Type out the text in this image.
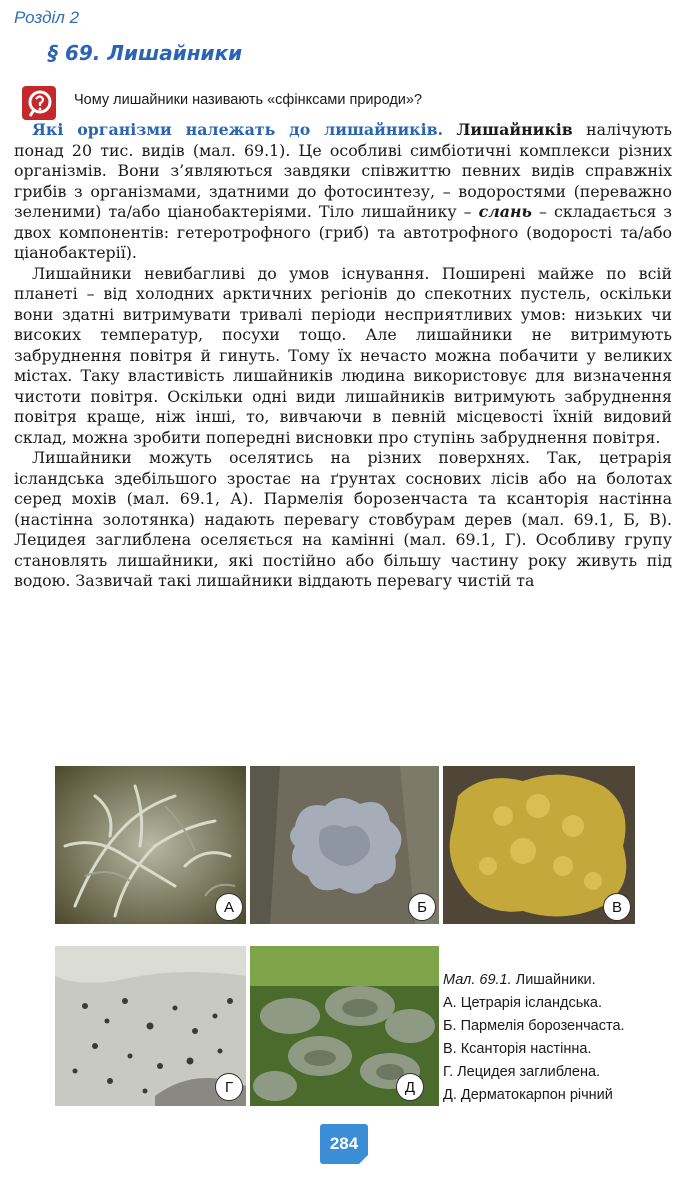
Розділ 2
§ 69. Лишайники
Чому лишайники називають «сфінксами природи»?

Які організми належать до лишайників. Лишайників налічують понад 20 тис. видів (мал. 69.1). Це особливі симбіотичні комплекси різних організмів. Вони з’являються завдяки співжиттю певних видів справжніх грибів з організмами, здатними до фотосинтезу, – водоростями (переважно зеленими) та/або ціанобактеріями. Тіло лишайнику – слань – складається з двох компонентів: гетеротрофного (гриб) та автотрофного (водорості та/або ціанобактерії).

Лишайники невибагливі до умов існування. Поширені майже по всій планеті – від холодних арктичних регіонів до спекотних пустель, оскільки вони здатні витримувати тривалі періоди несприятливих умов: низьких чи високих температур, посухи тощо. Але лишайники не витримують забруднення повітря й гинуть. Тому їх нечасто можна побачити у великих містах. Таку властивість лишайників людина використовує для визначення чистоти повітря. Оскільки одні види лишайників витримують забруднення повітря краще, ніж інші, то, вивчаючи в певній місцевості їхній видовий склад, можна зробити попередні висновки про ступінь забруднення повітря.

Лишайники можуть оселятись на різних поверхнях. Так, цетрарія ісландська здебільшого зростає на ґрунтах соснових лісів або на болотах серед мохів (мал. 69.1, А). Пармелія борозенчаста та ксанторія настінна (настінна золотянка) надають перевагу стовбурам дерев (мал. 69.1, Б, В). Лецидея заглиблена оселяється на камінні (мал. 69.1, Г). Особливу групу становлять лишайники, які постійно або більшу частину року живуть під водою. Зазвичай такі лишайники віддають перевагу чистій та

А	Б	В
Г	Д
Мал. 69.1. Лишайники.
А. Цетрарія ісландська.
Б. Пармелія борозенчаста.
В. Ксанторія настінна.
Г. Лецидея заглиблена.
Д. Дерматокарпон річний
284
